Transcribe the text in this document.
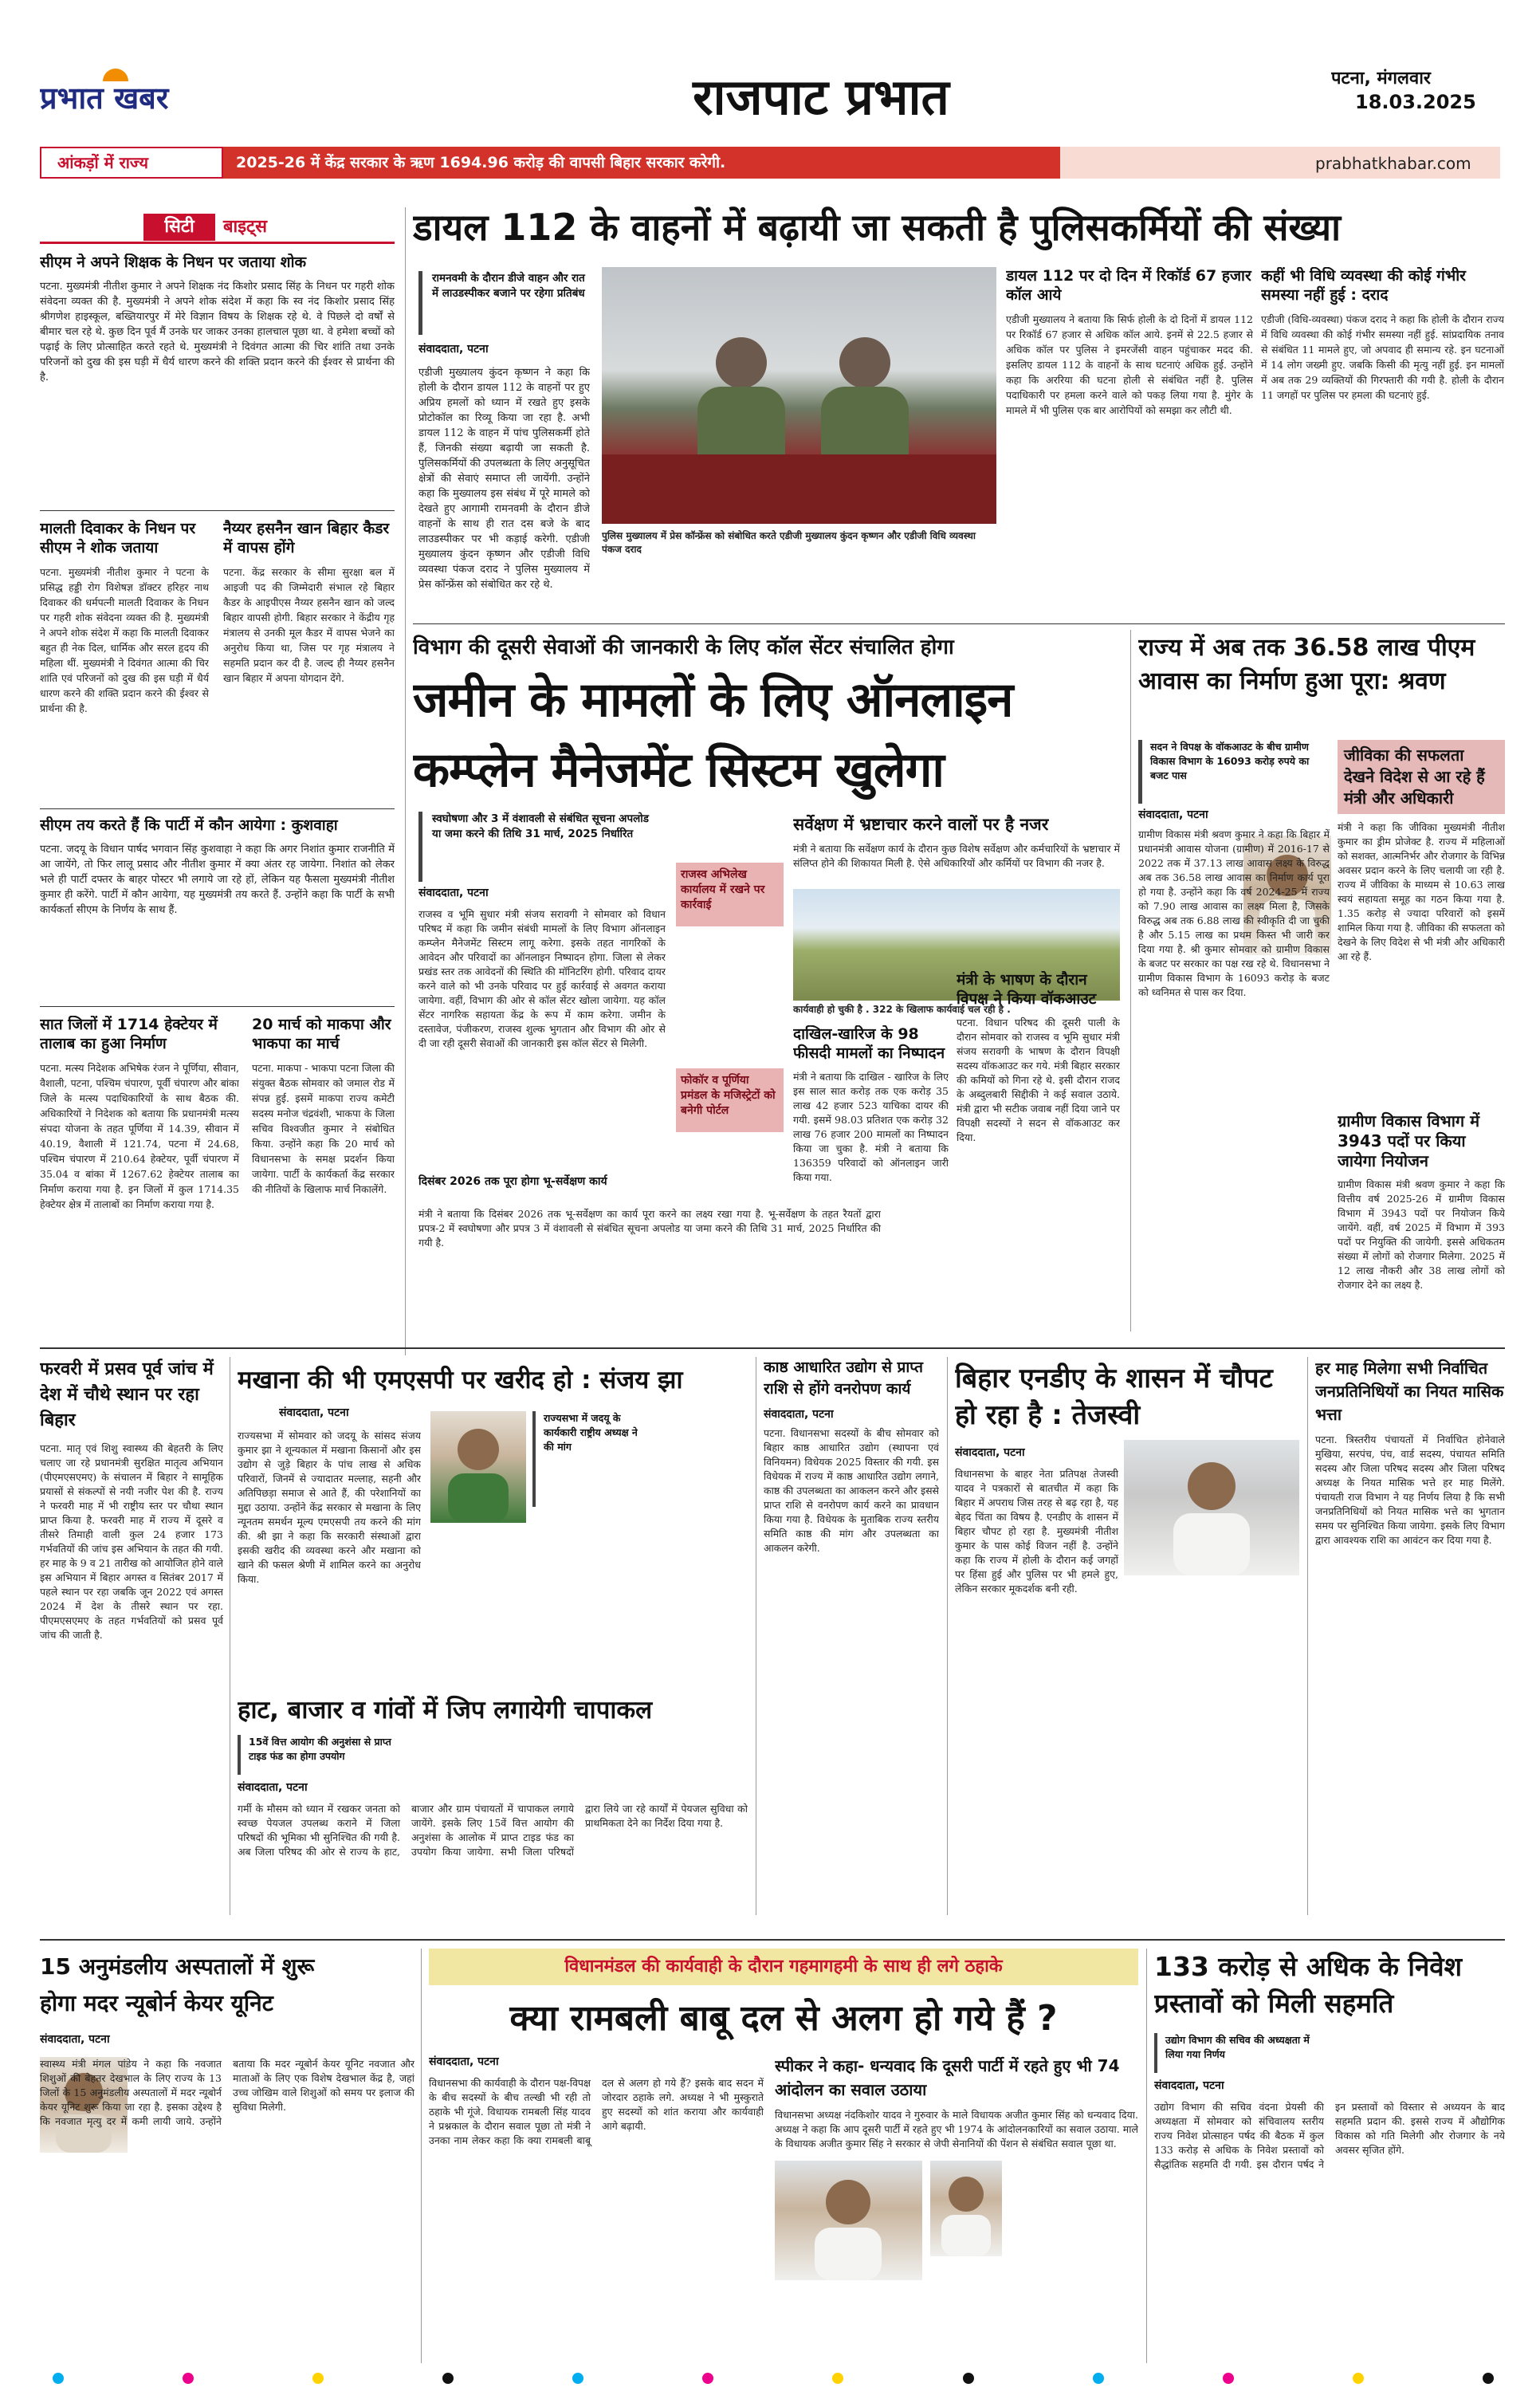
प्रभात खबर	राजपाट प्रभात	पटना, मंगलवार
18.03.2025
आंकड़ों में राज्य	2025-26 में केंद्र सरकार के ऋण 1694.96 करोड़ की वापसी बिहार सरकार करेगी.	prabhatkhabar.com
सिटी	बाइट्स
सीएम ने अपने शिक्षक के निधन पर जताया शोक
पटना. मुख्यमंत्री नीतीश कुमार ने अपने शिक्षक नंद किशोर प्रसाद सिंह के निधन पर गहरी शोक संवेदना व्यक्त की है. मुख्यमंत्री ने अपने शोक संदेश में कहा कि स्व नंद किशोर प्रसाद सिंह श्रीगणेश हाइस्कूल, बख्तियारपुर में मेरे विज्ञान विषय के शिक्षक रहे थे. वे पिछले दो वर्षों से बीमार चल रहे थे. कुछ दिन पूर्व मैं उनके घर जाकर उनका हालचाल पूछा था. वे हमेशा बच्चों को पढ़ाई के लिए प्रोत्साहित करते रहते थे. मुख्यमंत्री ने दिवंगत आत्मा की चिर शांति तथा उनके परिजनों को दुख की इस घड़ी में धैर्य धारण करने की शक्ति प्रदान करने की ईश्वर से प्रार्थना की है.
मालती दिवाकर के निधन पर सीएम ने शोक जताया
पटना. मुख्यमंत्री नीतीश कुमार ने पटना के प्रसिद्ध हड्डी रोग विशेषज्ञ डॉक्टर हरिहर नाथ दिवाकर की धर्मपत्नी मालती दिवाकर के निधन पर गहरी शोक संवेदना व्यक्त की है. मुख्यमंत्री ने अपने शोक संदेश में कहा कि मालती दिवाकर बहुत ही नेक दिल, धार्मिक और सरल हृदय की महिला थीं. मुख्यमंत्री ने दिवंगत आत्मा की चिर शांति एवं परिजनों को दुख की इस घड़ी में धैर्य धारण करने की शक्ति प्रदान करने की ईश्वर से प्रार्थना की है.
नैय्यर हसनैन खान बिहार कैडर में वापस होंगे
पटना. केंद्र सरकार के सीमा सुरक्षा बल में आइजी पद की जिम्मेदारी संभाल रहे बिहार कैडर के आइपीएस नैय्यर हसनैन खान को जल्द बिहार वापसी होगी. बिहार सरकार ने केंद्रीय गृह मंत्रालय से उनकी मूल कैडर में वापस भेजने का अनुरोध किया था, जिस पर गृह मंत्रालय ने सहमति प्रदान कर दी है. जल्द ही नैय्यर हसनैन खान बिहार में अपना योगदान देंगे.
सीएम तय करते हैं कि पार्टी में कौन आयेगा : कुशवाहा
पटना. जदयू के विधान पार्षद भगवान सिंह कुशवाहा ने कहा कि अगर निशांत कुमार राजनीति में आ जायेंगे, तो फिर लालू प्रसाद और नीतीश कुमार में क्या अंतर रह जायेगा. निशांत को लेकर भले ही पार्टी दफ्तर के बाहर पोस्टर भी लगाये जा रहे हों, लेकिन यह फैसला मुख्यमंत्री नीतीश कुमार ही करेंगे. पार्टी में कौन आयेगा, यह मुख्यमंत्री तय करते हैं. उन्होंने कहा कि पार्टी के सभी कार्यकर्ता सीएम के निर्णय के साथ हैं.
सात जिलों में 1714 हेक्टेयर में तालाब का हुआ निर्माण
पटना. मत्स्य निदेशक अभिषेक रंजन ने पूर्णिया, सीवान, वैशाली, पटना, पश्चिम चंपारण, पूर्वी चंपारण और बांका जिले के मत्स्य पदाधिकारियों के साथ बैठक की. अधिकारियों ने निदेशक को बताया कि प्रधानमंत्री मत्स्य संपदा योजना के तहत पूर्णिया में 14.39, सीवान में 40.19, वैशाली में 121.74, पटना में 24.68, पश्चिम चंपारण में 210.64 हेक्टेयर, पूर्वी चंपारण में 35.04 व बांका में 1267.62 हेक्टेयर तालाब का निर्माण कराया गया है. इन जिलों में कुल 1714.35 हेक्टेयर क्षेत्र में तालाबों का निर्माण कराया गया है.
20 मार्च को माकपा और भाकपा का मार्च
पटना. माकपा - भाकपा पटना जिला की संयुक्त बैठक सोमवार को जमाल रोड में संपन्न हुई. इसमें माकपा राज्य कमेटी सदस्य मनोज चंद्रवंशी, भाकपा के जिला सचिव विश्वजीत कुमार ने संबोधित किया. उन्होंने कहा कि 20 मार्च को विधानसभा के समक्ष प्रदर्शन किया जायेगा. पार्टी के कार्यकर्ता केंद्र सरकार की नीतियों के खिलाफ मार्च निकालेंगे.
डायल 112 के वाहनों में बढ़ायी जा सकती है पुलिसकर्मियों की संख्या
रामनवमी के दौरान डीजे वाहन और रात में लाउडस्पीकर बजाने पर रहेगा प्रतिबंध
संवाददाता, पटना
एडीजी मुख्यालय कुंदन कृष्णन ने कहा कि होली के दौरान डायल 112 के वाहनों पर हुए अप्रिय हमलों को ध्यान में रखते हुए इसके प्रोटोकॉल का रिव्यू किया जा रहा है. अभी डायल 112 के वाहन में पांच पुलिसकर्मी होते हैं, जिनकी संख्या बढ़ायी जा सकती है. पुलिसकर्मियों की उपलब्धता के लिए अनुसूचित क्षेत्रों की सेवाएं समाप्त ली जायेंगी. उन्होंने कहा कि मुख्यालय इस संबंध में पूरे मामले को देखते हुए आगामी रामनवमी के दौरान डीजे वाहनों के साथ ही रात दस बजे के बाद लाउडस्पीकर पर भी कड़ाई करेगी. एडीजी मुख्यालय कुंदन कृष्णन और एडीजी विधि व्यवस्था पंकज दराद ने पुलिस मुख्यालय में प्रेस कॉन्फ्रेंस को संबोधित कर रहे थे.
पुलिस मुख्यालय में प्रेस कॉन्फ्रेंस को संबोधित करते एडीजी मुख्यालय कुंदन कृष्णन और एडीजी विधि व्यवस्था पंकज दराद
डायल 112 पर दो दिन में रिकॉर्ड 67 हजार कॉल आये
एडीजी मुख्यालय ने बताया कि सिर्फ होली के दो दिनों में डायल 112 पर रिकॉर्ड 67 हजार से अधिक कॉल आये. इनमें से 22.5 हजार से अधिक कॉल पर पुलिस ने इमरजेंसी वाहन पहुंचाकर मदद की. इसलिए डायल 112 के वाहनों के साथ घटनाएं अधिक हुई. उन्होंने कहा कि अररिया की घटना होली से संबंधित नहीं है. पुलिस पदाधिकारी पर हमला करने वाले को पकड़ लिया गया है. मुंगेर के मामले में भी पुलिस एक बार आरोपियों को समझा कर लौटी थी.
कहीं भी विधि व्यवस्था की कोई गंभीर समस्या नहीं हुई : दराद
एडीजी (विधि-व्यवस्था) पंकज दराद ने कहा कि होली के दौरान राज्य में विधि व्यवस्था की कोई गंभीर समस्या नहीं हुई. सांप्रदायिक तनाव से संबंधित 11 मामले हुए, जो अपवाद ही समान्य रहे. इन घटनाओं में 14 लोग जख्मी हुए. जबकि किसी की मृत्यु नहीं हुई. इन मामलों में अब तक 29 व्यक्तियों की गिरफ्तारी की गयी है. होली के दौरान 11 जगहों पर पुलिस पर हमला की घटनाएं हुई.
विभाग की दूसरी सेवाओं की जानकारी के लिए कॉल सेंटर संचालित होगा
जमीन के मामलों के लिए ऑनलाइन
कम्प्लेन मैनेजमेंट सिस्टम खुलेगा
स्वघोषणा और 3 में वंशावली से संबंधित सूचना अपलोड या जमा करने की तिथि 31 मार्च, 2025 निर्धारित
संवाददाता, पटना
राजस्व व भूमि सुधार मंत्री संजय सरावगी ने सोमवार को विधान परिषद में कहा कि जमीन संबंधी मामलों के लिए विभाग ऑनलाइन कम्प्लेन मैनेजमेंट सिस्टम लागू करेगा. इसके तहत नागरिकों के आवेदन और परिवादों का ऑनलाइन निष्पादन होगा. जिला से लेकर प्रखंड स्तर तक आवेदनों की स्थिति की मॉनिटरिंग होगी. परिवाद दायर करने वाले को भी उनके परिवाद पर हुई कार्रवाई से अवगत कराया जायेगा. वहीं, विभाग की ओर से कॉल सेंटर खोला जायेगा. यह कॉल सेंटर नागरिक सहायता केंद्र के रूप में काम करेगा. जमीन के दस्तावेज, पंजीकरण, राजस्व शुल्क भुगतान और विभाग की ओर से दी जा रही दूसरी सेवाओं की जानकारी इस कॉल सेंटर से मिलेगी.
दिसंबर 2026 तक पूरा होगा भू-सर्वेक्षण कार्य
मंत्री ने बताया कि दिसंबर 2026 तक भू-सर्वेक्षण का कार्य पूरा करने का लक्ष्य रखा गया है. भू-सर्वेक्षण के तहत रैयतों द्वारा प्रपत्र-2 में स्वघोषणा और प्रपत्र 3 में वंशावली से संबंधित सूचना अपलोड या जमा करने की तिथि 31 मार्च, 2025 निर्धारित की गयी है.
राजस्व अभिलेख कार्यालय में रखने पर कार्रवाई
फोकॉर व पूर्णिया प्रमंडल के मजिस्ट्रेटों को बनेगी पोर्टल
सर्वेक्षण में भ्रष्टाचार करने वालों पर है नजर
मंत्री ने बताया कि सर्वेक्षण कार्य के दौरान कुछ विशेष सर्वेक्षण और कर्मचारियों के भ्रष्टाचार में संलिप्त होने की शिकायत मिली है. ऐसे अधिकारियों और कर्मियों पर विभाग की नजर है.
कार्यवाही हो चुकी है . 322 के खिलाफ कार्यवाई चल रही है .
दाखिल-खारिज के 98 फीसदी मामलों का निष्पादन
मंत्री ने बताया कि दाखिल - खारिज के लिए इस साल सात करोड़ तक एक करोड़ 35 लाख 42 हजार 523 याचिका दायर की गयी. इसमें 98.03 प्रतिशत एक करोड़ 32 लाख 76 हजार 200 मामलों का निष्पादन किया जा चुका है. मंत्री ने बताया कि 136359 परिवादों को ऑनलाइन जारी किया गया.
मंत्री के भाषण के दौरान विपक्ष ने किया वॉकआउट
पटना. विधान परिषद की दूसरी पाली के दौरान सोमवार को राजस्व व भूमि सुधार मंत्री संजय सरावगी के भाषण के दौरान विपक्षी सदस्य वॉकआउट कर गये. मंत्री बिहार सरकार की कमियों को गिना रहे थे. इसी दौरान राजद के अब्दुलबारी सिद्दीकी ने कई सवाल उठाये. मंत्री द्वारा भी सटीक जवाब नहीं दिया जाने पर विपक्षी सदस्यों ने सदन से वॉकआउट कर दिया.
राज्य में अब तक 36.58 लाख पीएम आवास का निर्माण हुआ पूरा: श्रवण
सदन ने विपक्ष के वॉकआउट के बीच ग्रामीण विकास विभाग के 16093 करोड़ रुपये का बजट पास
संवाददाता, पटना
ग्रामीण विकास मंत्री श्रवण कुमार ने कहा कि बिहार में प्रधानमंत्री आवास योजना (ग्रामीण) में 2016-17 से 2022 तक में 37.13 लाख आवास लक्ष्य के विरुद्ध अब तक 36.58 लाख आवास का निर्माण कार्य पूरा हो गया है. उन्होंने कहा कि वर्ष 2024-25 में राज्य को 7.90 लाख आवास का लक्ष्य मिला है, जिसके विरुद्ध अब तक 6.88 लाख की स्वीकृति दी जा चुकी है और 5.15 लाख का प्रथम किस्त भी जारी कर दिया गया है. श्री कुमार सोमवार को ग्रामीण विकास के बजट पर सरकार का पक्ष रख रहे थे. विधानसभा ने ग्रामीण विकास विभाग के 16093 करोड़ के बजट को ध्वनिमत से पास कर दिया.
जीविका की सफलता देखने विदेश से आ रहे हैं मंत्री और अधिकारी
मंत्री ने कहा कि जीविका मुख्यमंत्री नीतीश कुमार का ड्रीम प्रोजेक्ट है. राज्य में महिलाओं को सशक्त, आत्मनिर्भर और रोजगार के विभिन्न अवसर प्रदान करने के लिए चलायी जा रही है. राज्य में जीविका के माध्यम से 10.63 लाख स्वयं सहायता समूह का गठन किया गया है. 1.35 करोड़ से ज्यादा परिवारों को इसमें शामिल किया गया है. जीविका की सफलता को देखने के लिए विदेश से भी मंत्री और अधिकारी आ रहे हैं.
ग्रामीण विकास विभाग में 3943 पदों पर किया जायेगा नियोजन
ग्रामीण विकास मंत्री श्रवण कुमार ने कहा कि वित्तीय वर्ष 2025-26 में ग्रामीण विकास विभाग में 3943 पदों पर नियोजन किये जायेंगे. वहीं, वर्ष 2025 में विभाग में 393 पदों पर नियुक्ति की जायेगी. इससे अधिकतम संख्या में लोगों को रोजगार मिलेगा. 2025 में 12 लाख नौकरी और 38 लाख लोगों को रोजगार देने का लक्ष्य है.
फरवरी में प्रसव पूर्व जांच में देश में चौथे स्थान पर रहा बिहार
पटना. मातृ एवं शिशु स्वास्थ्य की बेहतरी के लिए चलाए जा रहे प्रधानमंत्री सुरक्षित मातृत्व अभियान (पीएमएसएमए) के संचालन में बिहार ने सामूहिक प्रयासों से संकल्पों से नयी नजीर पेश की है. राज्य ने फरवरी माह में भी राष्ट्रीय स्तर पर चौथा स्थान प्राप्त किया है. फरवरी माह में राज्य में दूसरे व तीसरे तिमाही वाली कुल 24 हजार 173 गर्भवतियों की जांच इस अभियान के तहत की गयी. हर माह के 9 व 21 तारीख को आयोजित होने वाले इस अभियान में बिहार अगस्त व सितंबर 2017 में पहले स्थान पर रहा जबकि जून 2022 एवं अगस्त 2024 में देश के तीसरे स्थान पर रहा. पीएमएसएमए के तहत गर्भवतियों को प्रसव पूर्व जांच की जाती है.
मखाना की भी एमएसपी पर खरीद हो : संजय झा
संवाददाता, पटना	राज्यसभा में जदयू के कार्यकारी राष्ट्रीय अध्यक्ष ने की मांग
राज्यसभा में सोमवार को जदयू के सांसद संजय कुमार झा ने शून्यकाल में मखाना किसानों और इस उद्योग से जुड़े बिहार के पांच लाख से अधिक परिवारों, जिनमें से ज्यादातर मल्लाह, सहनी और अतिपिछड़ा समाज से आते हैं, की परेशानियों का मुद्दा उठाया. उन्होंने केंद्र सरकार से मखाना के लिए न्यूनतम समर्थन मूल्य एमएसपी तय करने की मांग की. श्री झा ने कहा कि सरकारी संस्थाओं द्वारा इसकी खरीद की व्यवस्था करने और मखाना को खाने की फसल श्रेणी में शामिल करने का अनुरोध किया.
हाट, बाजार व गांवों में जिप लगायेगी चापाकल
15वें वित्त आयोग की अनुशंसा से प्राप्त टाइड फंड का होगा उपयोग
संवाददाता, पटना
गर्मी के मौसम को ध्यान में रखकर जनता को स्वच्छ पेयजल उपलब्ध कराने में जिला परिषदों की भूमिका भी सुनिश्चित की गयी है. अब जिला परिषद की ओर से राज्य के हाट, बाजार और ग्राम पंचायतों में चापाकल लगाये जायेंगे. इसके लिए 15वें वित्त आयोग की अनुशंसा के आलोक में प्राप्त टाइड फंड का उपयोग किया जायेगा. सभी जिला परिषदों द्वारा लिये जा रहे कार्यों में पेयजल सुविधा को प्राथमिकता देने का निर्देश दिया गया है.
काष्ठ आधारित उद्योग से प्राप्त राशि से होंगे वनरोपण कार्य
संवाददाता, पटना
पटना. विधानसभा सदस्यों के बीच सोमवार को बिहार काष्ठ आधारित उद्योग (स्थापना एवं विनियमन) विधेयक 2025 विस्तार की गयी. इस विधेयक में राज्य में काष्ठ आधारित उद्योग लगाने, काष्ठ की उपलब्धता का आकलन करने और इससे प्राप्त राशि से वनरोपण कार्य करने का प्रावधान किया गया है. विधेयक के मुताबिक राज्य स्तरीय समिति काष्ठ की मांग और उपलब्धता का आकलन करेगी.
बिहार एनडीए के शासन में चौपट हो रहा है : तेजस्वी
संवाददाता, पटना
विधानसभा के बाहर नेता प्रतिपक्ष तेजस्वी यादव ने पत्रकारों से बातचीत में कहा कि बिहार में अपराध जिस तरह से बढ़ रहा है, यह बेहद चिंता का विषय है. एनडीए के शासन में बिहार चौपट हो रहा है. मुख्यमंत्री नीतीश कुमार के पास कोई विजन नहीं है. उन्होंने कहा कि राज्य में होली के दौरान कई जगहों पर हिंसा हुई और पुलिस पर भी हमले हुए, लेकिन सरकार मूकदर्शक बनी रही.
हर माह मिलेगा सभी निर्वाचित जनप्रतिनिधियों का नियत मासिक भत्ता
पटना. त्रिस्तरीय पंचायतों में निर्वाचित होनेवाले मुखिया, सरपंच, पंच, वार्ड सदस्य, पंचायत समिति सदस्य और जिला परिषद सदस्य और जिला परिषद अध्यक्ष के नियत मासिक भत्ते हर माह मिलेंगे. पंचायती राज विभाग ने यह निर्णय लिया है कि सभी जनप्रतिनिधियों को नियत मासिक भत्ते का भुगतान समय पर सुनिश्चित किया जायेगा. इसके लिए विभाग द्वारा आवश्यक राशि का आवंटन कर दिया गया है.
15 अनुमंडलीय अस्पतालों में शुरू
होगा मदर न्यूबोर्न केयर यूनिट
संवाददाता, पटना
स्वास्थ्य मंत्री मंगल पांडेय ने कहा कि नवजात शिशुओं की बेहतर देखभाल के लिए राज्य के 13 जिलों के 15 अनुमंडलीय अस्पतालों में मदर न्यूबोर्न केयर यूनिट शुरू किया जा रहा है. इसका उद्देश्य है कि नवजात मृत्यु दर में कमी लायी जाये. उन्होंने बताया कि मदर न्यूबोर्न केयर यूनिट नवजात और माताओं के लिए एक विशेष देखभाल केंद्र है, जहां उच्च जोखिम वाले शिशुओं को समय पर इलाज की सुविधा मिलेगी.
विधानमंडल की कार्यवाही के दौरान गहमागहमी के साथ ही लगे ठहाके
क्या रामबली बाबू दल से अलग हो गये हैं ?
संवाददाता, पटना
विधानसभा की कार्यवाही के दौरान पक्ष-विपक्ष के बीच सदस्यों के बीच तल्खी भी रही तो ठहाके भी गूंजे. विधायक रामबली सिंह यादव ने प्रश्नकाल के दौरान सवाल पूछा तो मंत्री ने उनका नाम लेकर कहा कि क्या रामबली बाबू दल से अलग हो गये हैं? इसके बाद सदन में जोरदार ठहाके लगे. अध्यक्ष ने भी मुस्कुराते हुए सदस्यों को शांत कराया और कार्यवाही आगे बढ़ायी.
स्पीकर ने कहा- धन्यवाद कि दूसरी पार्टी में रहते हुए भी 74 आंदोलन का सवाल उठाया
विधानसभा अध्यक्ष नंदकिशोर यादव ने गुरुवार के माले विधायक अजीत कुमार सिंह को धन्यवाद दिया. अध्यक्ष ने कहा कि आप दूसरी पार्टी में रहते हुए भी 1974 के आंदोलनकारियों का सवाल उठाया. माले के विधायक अजीत कुमार सिंह ने सरकार से जेपी सेनानियों की पेंशन से संबंधित सवाल पूछा था.
133 करोड़ से अधिक के निवेश प्रस्तावों को मिली सहमति
उद्योग विभाग की सचिव की अध्यक्षता में लिया गया निर्णय
संवाददाता, पटना
उद्योग विभाग की सचिव वंदना प्रेयसी की अध्यक्षता में सोमवार को संचिवालय स्तरीय राज्य निवेश प्रोत्साहन पर्षद की बैठक में कुल 133 करोड़ से अधिक के निवेश प्रस्तावों को सैद्धांतिक सहमति दी गयी. इस दौरान पर्षद ने इन प्रस्तावों को विस्तार से अध्ययन के बाद सहमति प्रदान की. इससे राज्य में औद्योगिक विकास को गति मिलेगी और रोजगार के नये अवसर सृजित होंगे.
